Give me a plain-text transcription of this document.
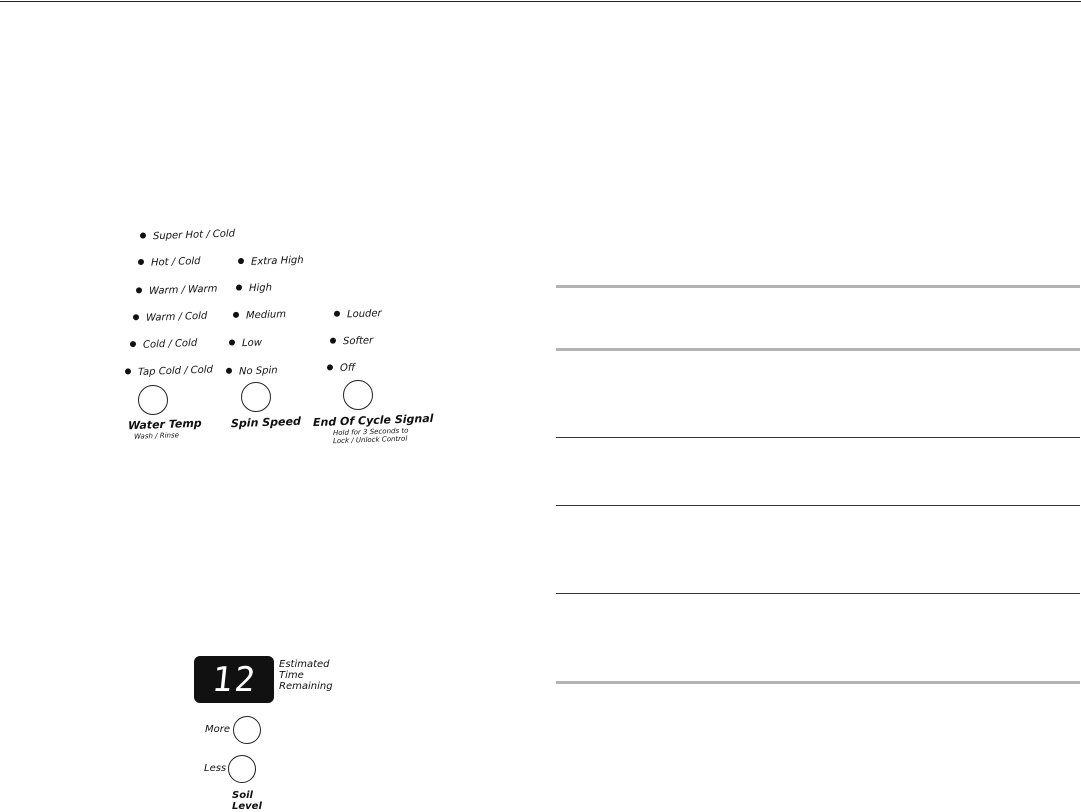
Super Hot / Cold
Hot / Cold
Warm / Warm
Warm / Cold
Cold / Cold
Tap Cold / Cold
Extra High
High
Medium
Low
No Spin
Louder
Softer
Off
Water Temp
Wash / Rinse
Spin Speed End Of Cycle Signal
Hold for 3 Seconds to
Lock / Unlock Control
12 Estimated
Time
Remaining
More
Less
Soil
Level
